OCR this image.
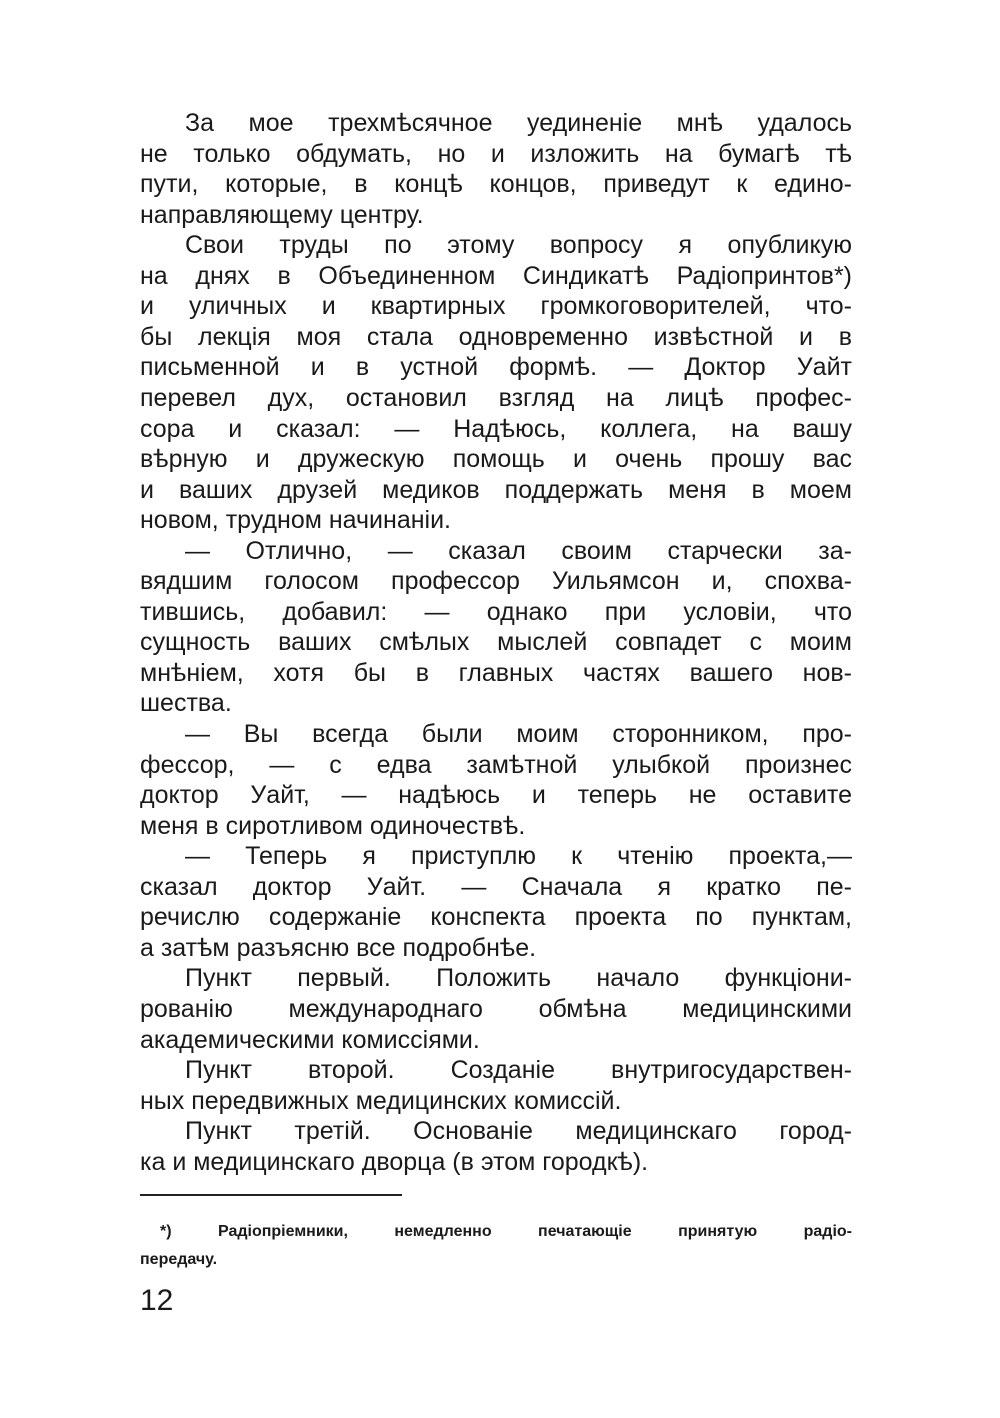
За мое трехмѣсячное уединенiе мнѣ удалось
не только обдумать, но и изложить на бумагѣ тѣ
пути, которые, в концѣ концов, приведут к едино-
направляющему центру.
Свои труды по этому вопросу я опубликую
на днях в Объединенном Синдикатѣ Радiопринтов*)
и уличных и квартирных громкоговорителей, что-
бы лекцiя моя стала одновременно извѣстной и в
письменной и в устной формѣ. — Доктор Уайт
перевел дух, остановил взгляд на лицѣ профес-
сора и сказал: — Надѣюсь, коллега, на вашу
вѣрную и дружескую помощь и очень прошу вас
и ваших друзей медиков поддержать меня в моем
новом, трудном начинанiи.
— Отлично, — сказал своим старчески за-
вядшим голосом профессор Уильямсон и, спохва-
тившись, добавил: — однако при условiи, что
сущность ваших смѣлых мыслей совпадет с моим
мнѣнiем, хотя бы в главных частях вашего нов-
шества.
— Вы всегда были моим сторонником, про-
фессор, — с едва замѣтной улыбкой произнес
доктор Уайт, — надѣюсь и теперь не оставите
меня в сиротливом одиночествѣ.
— Теперь я приступлю к чтенiю проекта,—
сказал доктор Уайт. — Сначала я кратко пе-
речислю содержанiе конспекта проекта по пунктам,
а затѣм разъясню все подробнѣе.
Пункт первый. Положить начало функцiони-
рованiю международнаго обмѣна медицинскими
академическими комиссiями.
Пункт второй. Созданiе внутригосударствен-
ных передвижных медицинских комиссiй.
Пункт третiй. Основанiе медицинскаго город-
ка и медицинскаго дворца (в этом городкѣ).
*) Радiопрiемники, немедленно печатающiе принятую радiо-
передачу.
12
